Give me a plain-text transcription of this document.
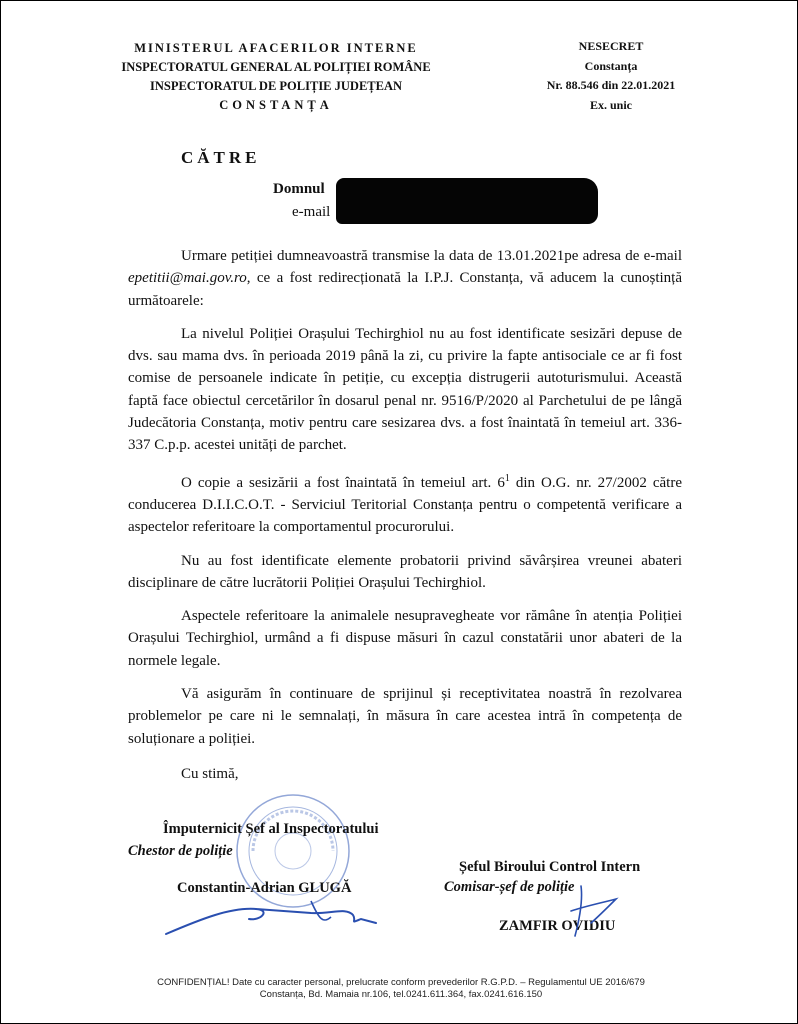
MINISTERUL AFACERILOR INTERNE
INSPECTORATUL GENERAL AL POLIȚIEI ROMÂNE
INSPECTORATUL DE POLIȚIE JUDEȚEAN
CONSTANȚA
NESECRET
Constanța
Nr. 88.546 din 22.01.2021
Ex. unic
CĂTRE
Domnul
e-mail

Urmare petiției dumneavoastră transmise la data de 13.01.2021pe adresa de e-mail epetitii@mai.gov.ro, ce a fost redirecționată la I.P.J. Constanța, vă aducem la cunoștință următoarele:

La nivelul Poliției Orașului Techirghiol nu au fost identificate sesizări depuse de dvs. sau mama dvs. în perioada 2019 până la zi, cu privire la fapte antisociale ce ar fi fost comise de persoanele indicate în petiție, cu excepția distrugerii autoturismului. Această faptă face obiectul cercetărilor în dosarul penal nr. 9516/P/2020 al Parchetului de pe lângă Judecătoria Constanța, motiv pentru care sesizarea dvs. a fost înaintată în temeiul art. 336-337 C.p.p. acestei unități de parchet.

O copie a sesizării a fost înaintată în temeiul art. $6^1$ din O.G. nr. 27/2002 către conducerea D.I.I.C.O.T. - Serviciul Teritorial Constanța pentru o competentă verificare a aspectelor referitoare la comportamentul procurorului.

Nu au fost identificate elemente probatorii privind săvârșirea vreunei abateri disciplinare de către lucrătorii Poliției Orașului Techirghiol.

Aspectele referitoare la animalele nesupravegheate vor rămâne în atenția Poliției Orașului Techirghiol, urmând a fi dispuse măsuri în cazul constatării unor abateri de la normele legale.

Vă asigurăm în continuare de sprijinul și receptivitatea noastră în rezolvarea problemelor pe care ni le semnalați, în măsura în care acestea intră în competența de soluționare a poliției.

Cu stimă,
Împuternicit Șef al Inspectoratului
Chestor de poliție
Constantin-Adrian GLUGĂ
Șeful Biroului Control Intern
Comisar-șef de poliție
ZAMFIR OVIDIU
CONFIDENȚIAL! Date cu caracter personal, prelucrate conform prevederilor R.G.P.D. – Regulamentul UE 2016/679
Constanța, Bd. Mamaia nr.106, tel.0241.611.364, fax.0241.616.150
